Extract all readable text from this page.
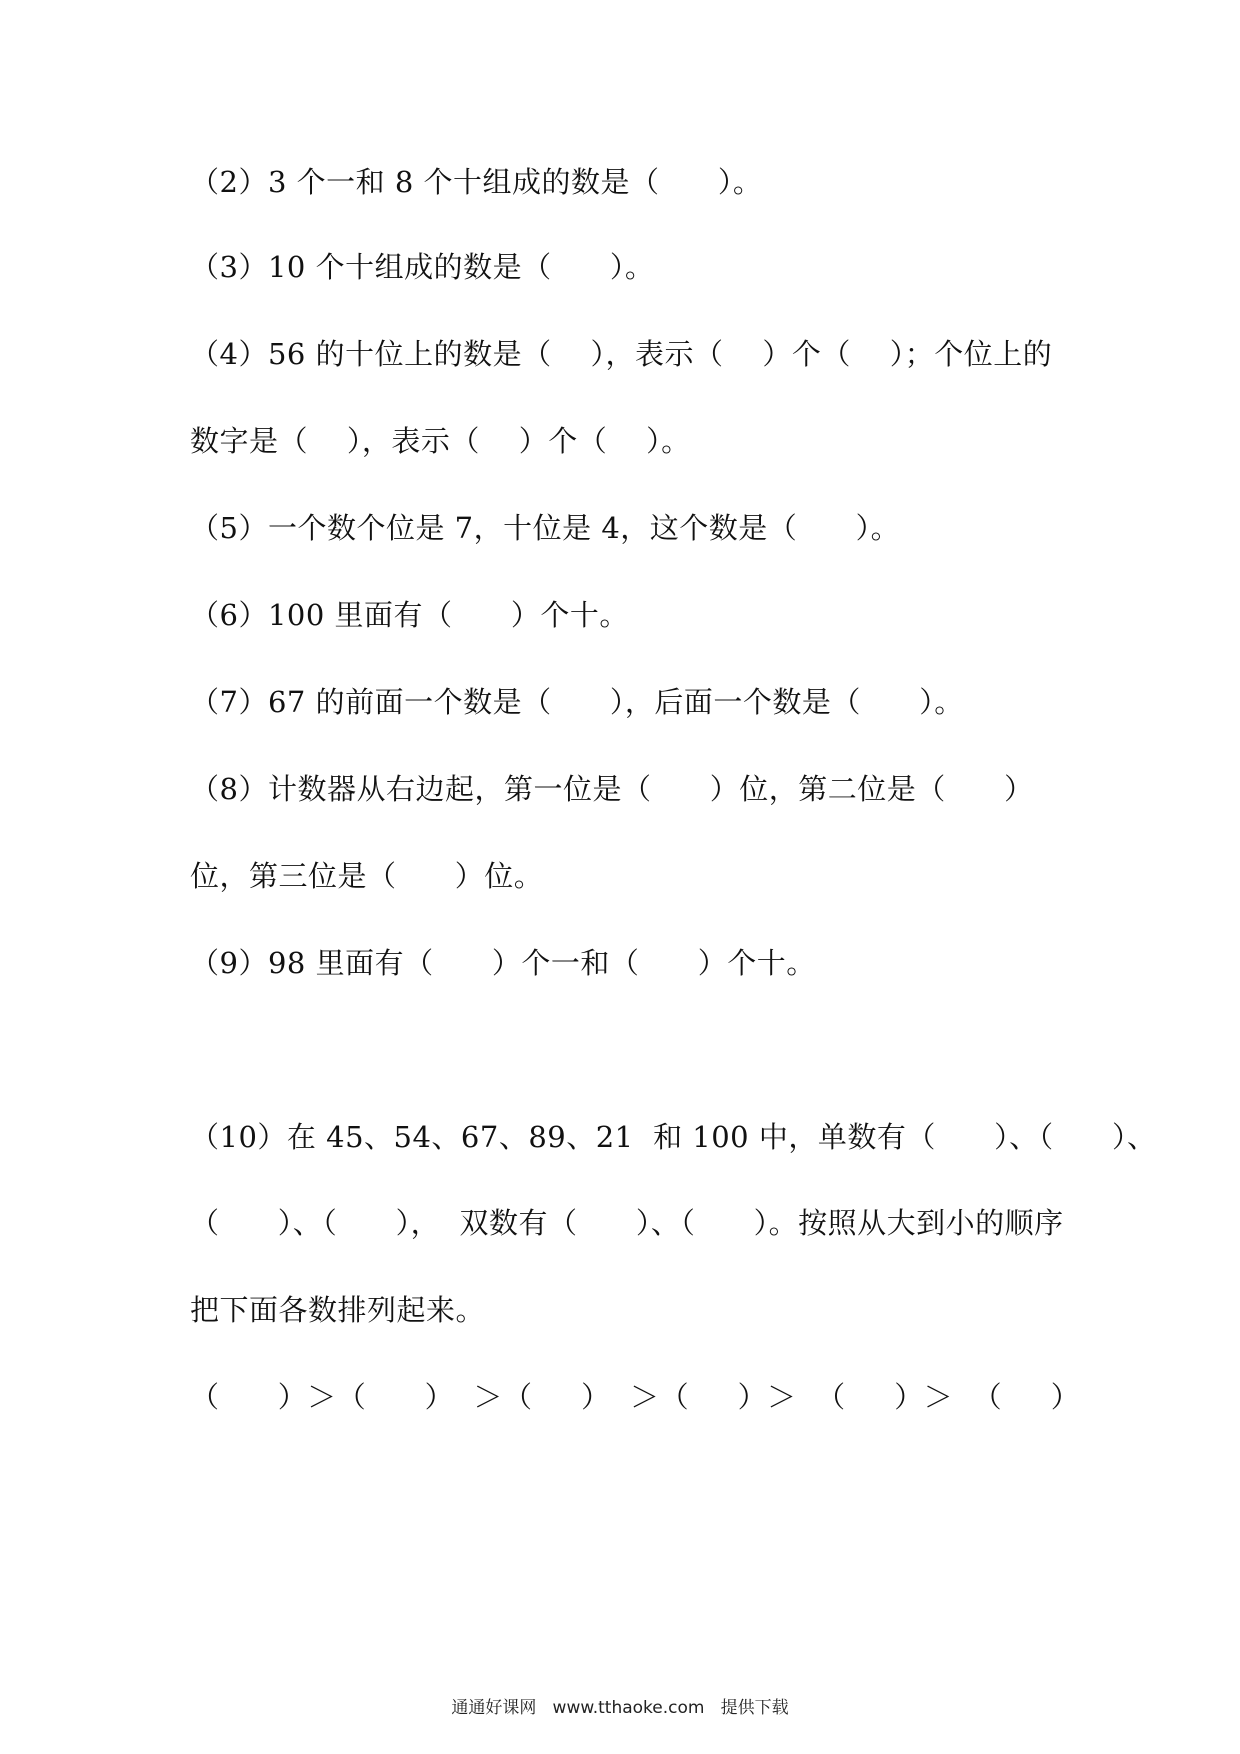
（2）3 个一和 8 个十组成的数是（      ）。
（3）10 个十组成的数是（      ）。
（4）56 的十位上的数是（    ），表示（    ）个（    ）；个位上的
数字是（    ），表示（    ）个（    ）。
（5）一个数个位是 7，十位是 4，这个数是（      ）。
（6）100 里面有（      ）个十。
（7）67 的前面一个数是（      ），后面一个数是（      ）。
（8）计数器从右边起，第一位是（      ）位，第二位是（      ）
位，第三位是（      ）位。
（9）98 里面有（      ）个一和（      ）个十。
（10）在 45、54、67、89、21  和 100 中，单数有（      ）、（      ）、
（      ）、（      ），  双数有（      ）、（      ）。按照从大到小的顺序
把下面各数排列起来。
（      ）＞（      ）  ＞（     ）  ＞（     ）＞  （     ）＞  （     ）
通通好课网   www.tthaoke.com   提供下载
